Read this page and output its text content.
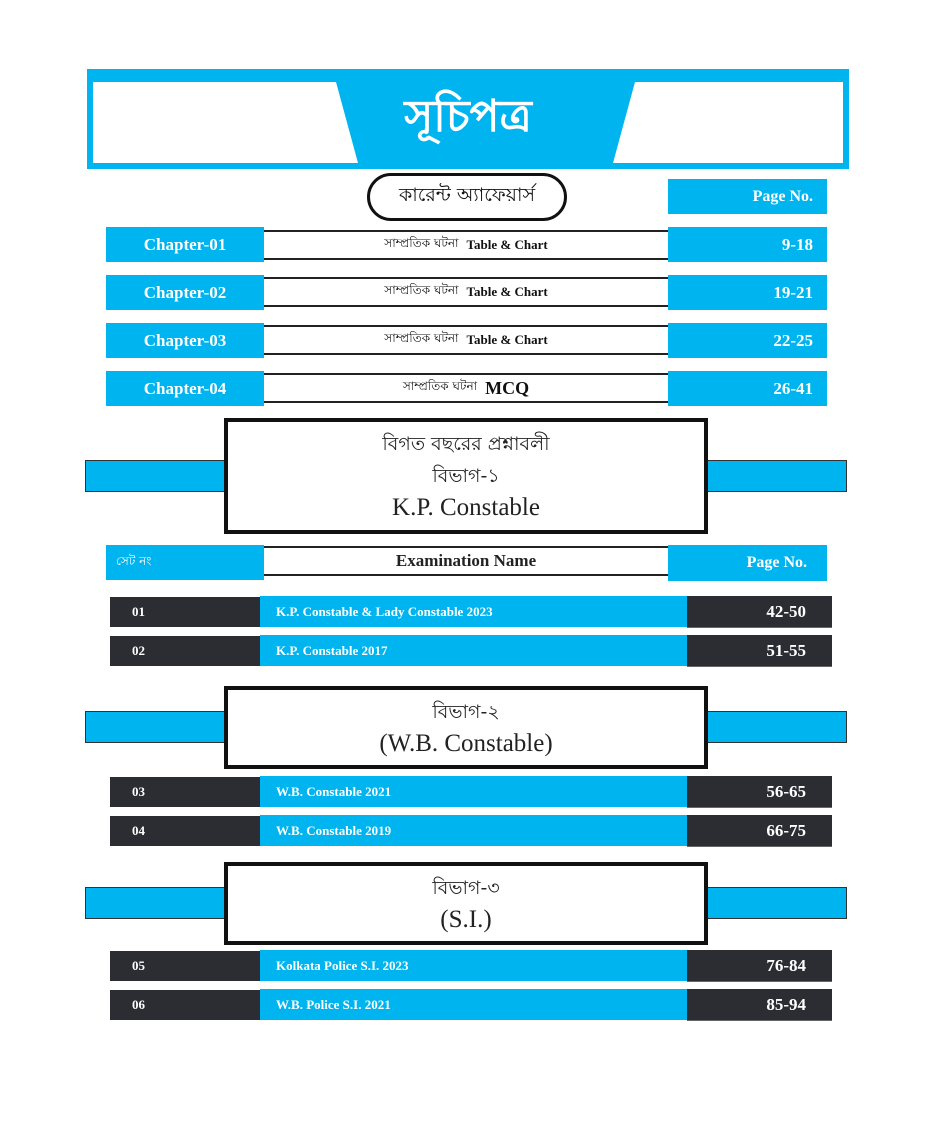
সূচিপত্র
কারেন্ট অ্যাফেয়ার্স	Page No.
Chapter-01	সাম্প্রতিক ঘটনা Table & Chart	9-18
Chapter-02	সাম্প্রতিক ঘটনা Table & Chart	19-21
Chapter-03	সাম্প্রতিক ঘটনা Table & Chart	22-25
Chapter-04	সাম্প্রতিক ঘটনা MCQ	26-41
বিগত বছরের প্রশ্নাবলী
বিভাগ-১
K.P. Constable
সেট নং	Examination Name	Page No.
01	K.P. Constable & Lady Constable 2023	42-50
02	K.P. Constable 2017	51-55
বিভাগ-২
(W.B. Constable)
03	W.B. Constable 2021	56-65
04	W.B. Constable 2019	66-75
বিভাগ-৩
(S.I.)
05	Kolkata Police S.I. 2023	76-84
06	W.B. Police S.I. 2021	85-94
